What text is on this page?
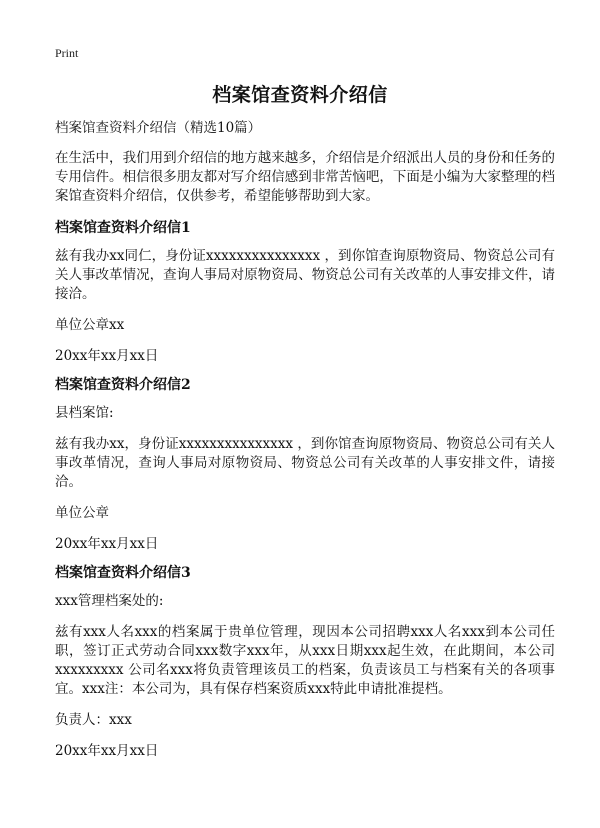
Print
档案馆查资料介绍信

档案馆查资料介绍信（精选10篇）

在生活中，我们用到介绍信的地方越来越多，介绍信是介绍派出人员的身份和任务的专用信件。相信很多朋友都对写介绍信感到非常苦恼吧，下面是小编为大家整理的档案馆查资料介绍信，仅供参考，希望能够帮助到大家。

档案馆查资料介绍信1

兹有我办xx同仁，身份证xxxxxxxxxxxxxxx ，到你馆查询原物资局、物资总公司有关人事改革情况，查询人事局对原物资局、物资总公司有关改革的人事安排文件，请接洽。

单位公章xx

20xx年xx月xx日

档案馆查资料介绍信2

县档案馆:

兹有我办xx，身份证xxxxxxxxxxxxxxx ，到你馆查询原物资局、物资总公司有关人事改革情况，查询人事局对原物资局、物资总公司有关改革的人事安排文件，请接洽。

单位公章

20xx年xx月xx日

档案馆查资料介绍信3

xxx管理档案处的:

兹有xxx人名xxx的档案属于贵单位管理，现因本公司招聘xxx人名xxx到本公司任职，签订正式劳动合同xxx数字xxx年，从xxx日期xxx起生效，在此期间，本公司xxxxxxxxx 公司名xxx将负责管理该员工的档案，负责该员工与档案有关的各项事宜。xxx注：本公司为，具有保存档案资质xxx特此申请批准提档。

负责人：xxx

20xx年xx月xx日
